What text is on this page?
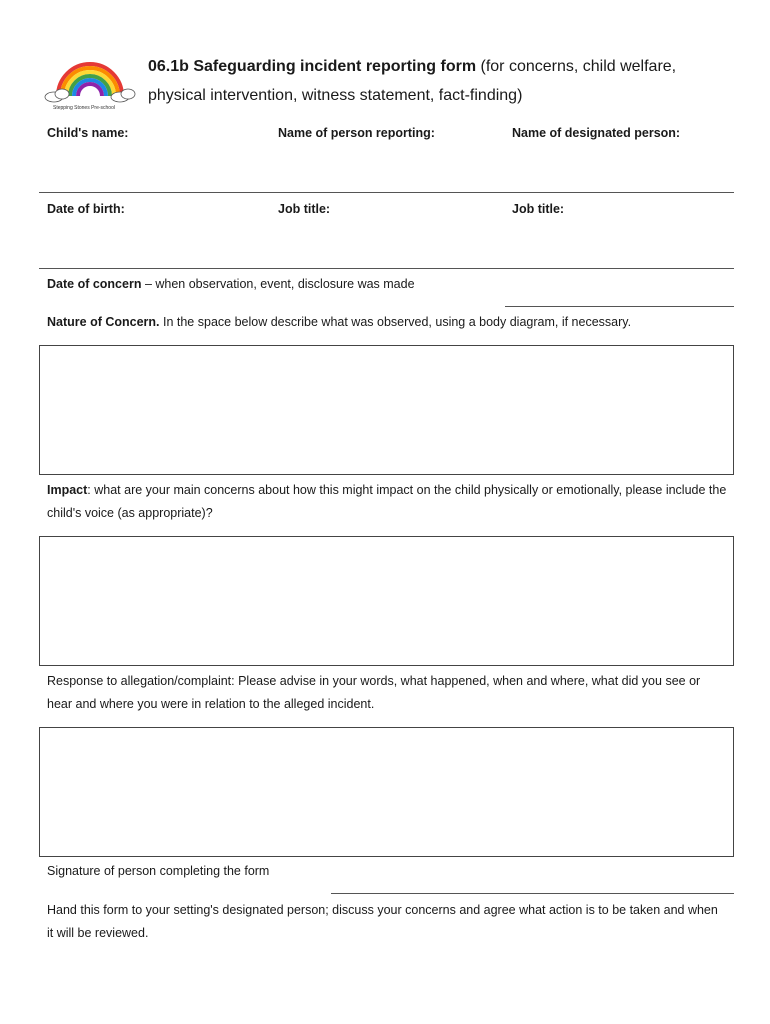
Stepping Stones Pre-school
06.1b Safeguarding incident reporting form (for concerns, child welfare, physical intervention, witness statement, fact-finding)
Child's name:	Name of person reporting:	Name of designated person:
Date of birth:	Job title:	Job title:
Date of concern – when observation, event, disclosure was made
Nature of Concern. In the space below describe what was observed, using a body diagram, if necessary.
Impact: what are your main concerns about how this might impact on the child physically or emotionally, please include the child's voice (as appropriate)?
Response to allegation/complaint: Please advise in your words, what happened, when and where, what did you see or hear and where you were in relation to the alleged incident.
Signature of person completing the form
Hand this form to your setting's designated person; discuss your concerns and agree what action is to be taken and when it will be reviewed.
